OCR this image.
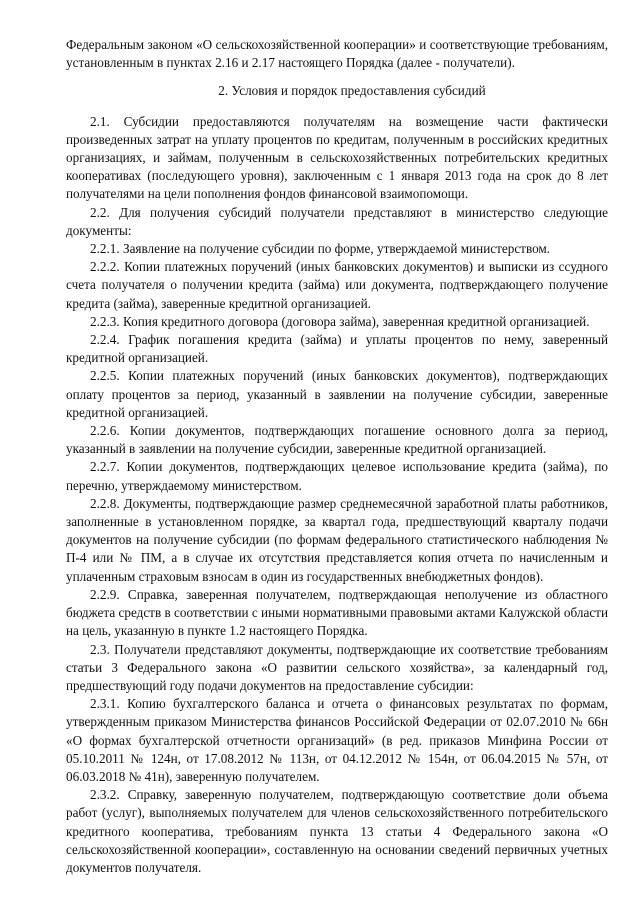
Федеральным законом «О сельскохозяйственной кооперации» и соответствующие требованиям, установленным в пунктах 2.16 и 2.17 настоящего Порядка (далее - получатели).

2. Условия и порядок предоставления субсидий

2.1. Субсидии предоставляются получателям на возмещение части фактически произведенных затрат на уплату процентов по кредитам, полученным в российских кредитных организациях, и займам, полученным в сельскохозяйственных потребительских кредитных кооперативах (последующего уровня), заключенным с 1 января 2013 года на срок до 8 лет получателями на цели пополнения фондов финансовой взаимопомощи.

2.2. Для получения субсидий получатели представляют в министерство следующие документы:

2.2.1. Заявление на получение субсидии по форме, утверждаемой министерством.

2.2.2. Копии платежных поручений (иных банковских документов) и выписки из ссудного счета получателя о получении кредита (займа) или документа, подтверждающего получение кредита (займа), заверенные кредитной организацией.

2.2.3. Копия кредитного договора (договора займа), заверенная кредитной организацией.

2.2.4. График погашения кредита (займа) и уплаты процентов по нему, заверенный кредитной организацией.

2.2.5. Копии платежных поручений (иных банковских документов), подтверждающих оплату процентов за период, указанный в заявлении на получение субсидии, заверенные кредитной организацией.

2.2.6. Копии документов, подтверждающих погашение основного долга за период, указанный в заявлении на получение субсидии, заверенные кредитной организацией.

2.2.7. Копии документов, подтверждающих целевое использование кредита (займа), по перечню, утверждаемому министерством.

2.2.8. Документы, подтверждающие размер среднемесячной заработной платы работников, заполненные в установленном порядке, за квартал года, предшествующий кварталу подачи документов на получение субсидии (по формам федерального статистического наблюдения № П-4 или № ПМ, а в случае их отсутствия представляется копия отчета по начисленным и уплаченным страховым взносам в один из государственных внебюджетных фондов).

2.2.9. Справка, заверенная получателем, подтверждающая неполучение из областного бюджета средств в соответствии с иными нормативными правовыми актами Калужской области на цель, указанную в пункте 1.2 настоящего Порядка.

2.3. Получатели представляют документы, подтверждающие их соответствие требованиям статьи 3 Федерального закона «О развитии сельского хозяйства», за календарный год, предшествующий году подачи документов на предоставление субсидии:

2.3.1. Копию бухгалтерского баланса и отчета о финансовых результатах по формам, утвержденным приказом Министерства финансов Российской Федерации от 02.07.2010 № 66н «О формах бухгалтерской отчетности организаций» (в ред. приказов Минфина России от 05.10.2011 № 124н, от 17.08.2012 № 113н, от 04.12.2012 № 154н, от 06.04.2015 № 57н, от 06.03.2018 № 41н), заверенную получателем.

2.3.2. Справку, заверенную получателем, подтверждающую соответствие доли объема работ (услуг), выполняемых получателем для членов сельскохозяйственного потребительского кредитного кооператива, требованиям пункта 13 статьи 4 Федерального закона «О сельскохозяйственной кооперации», составленную на основании сведений первичных учетных документов получателя.
